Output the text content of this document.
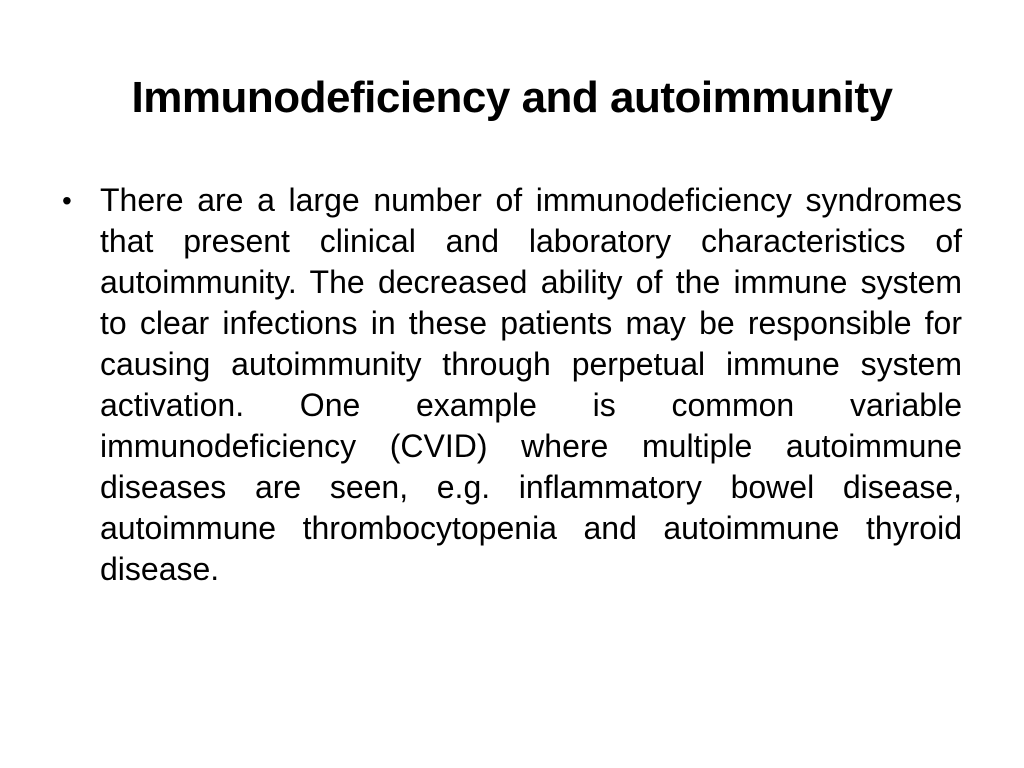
Immunodeficiency and autoimmunity
• There are a large number of immunodeficiency syndromes that present clinical and laboratory characteristics of autoimmunity. The decreased ability of the immune system to clear infections in these patients may be responsible for causing autoimmunity through perpetual immune system activation. One example is common variable immunodeficiency (CVID) where multiple autoimmune diseases are seen, e.g. inflammatory bowel disease, autoimmune thrombocytopenia and autoimmune thyroid disease.
